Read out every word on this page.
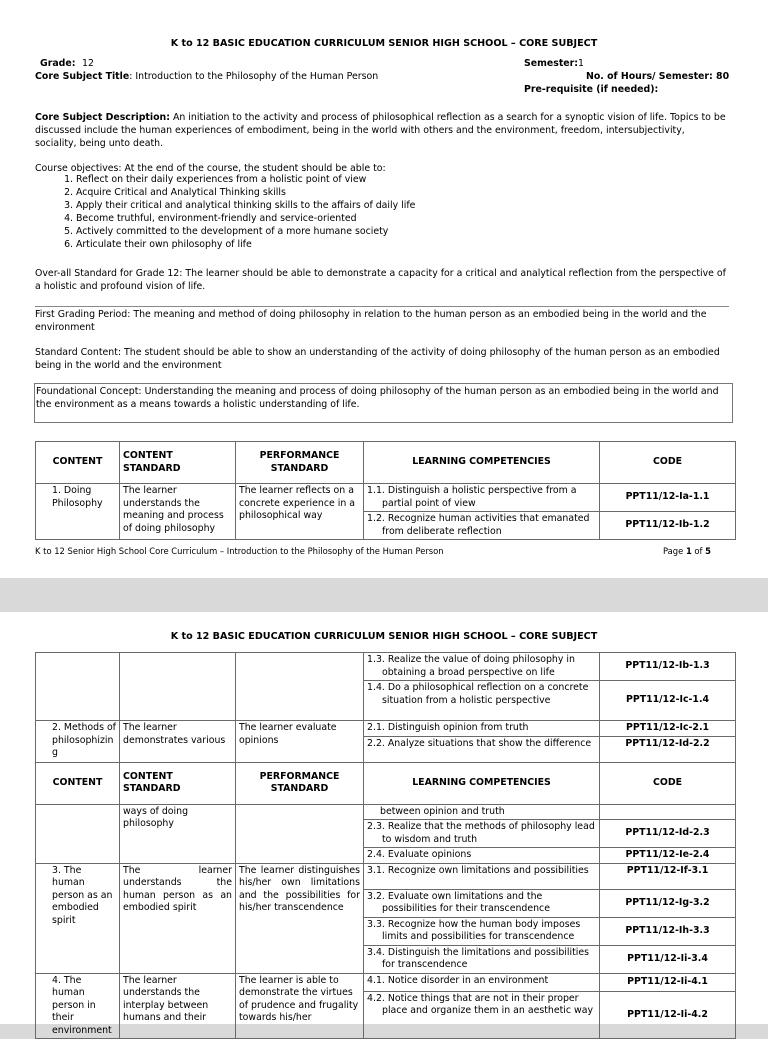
K to 12 BASIC EDUCATION CURRICULUM SENIOR HIGH SCHOOL – CORE SUBJECT
Grade: 12	Semester:1
Core Subject Title: Introduction to the Philosophy of the Human Person	No. of Hours/ Semester: 80
Pre-requisite (if needed):
Core Subject Description: An initiation to the activity and process of philosophical reflection as a search for a synoptic vision of life. Topics to be discussed include the human experiences of embodiment, being in the world with others and the environment, freedom, intersubjectivity, sociality, being unto death.
Course objectives: At the end of the course, the student should be able to:
1. Reflect on their daily experiences from a holistic point of view
2. Acquire Critical and Analytical Thinking skills
3. Apply their critical and analytical thinking skills to the affairs of daily life
4. Become truthful, environment-friendly and service-oriented
5. Actively committed to the development of a more humane society
6. Articulate their own philosophy of life
Over-all Standard for Grade 12: The learner should be able to demonstrate a capacity for a critical and analytical reflection from the perspective of a holistic and profound vision of life.
First Grading Period: The meaning and method of doing philosophy in relation to the human person as an embodied being in the world and the environment
Standard Content: The student should be able to show an understanding of the activity of doing philosophy of the human person as an embodied being in the world and the environment
Foundational Concept: Understanding the meaning and process of doing philosophy of the human person as an embodied being in the world and the environment as a means towards a holistic understanding of life.
CONTENT	CONTENT STANDARD	PERFORMANCE STANDARD	LEARNING COMPETENCIES	CODE
1. Doing Philosophy	The learner understands the meaning and process of doing philosophy	The learner reflects on a concrete experience in a philosophical way	1.1. Distinguish a holistic perspective from a partial point of view	PPT11/12-Ia-1.1
			1.2. Recognize human activities that emanated from deliberate reflection	PPT11/12-Ib-1.2
K to 12 Senior High School Core Curriculum – Introduction to the Philosophy of the Human Person	Page 1 of 5
K to 12 BASIC EDUCATION CURRICULUM SENIOR HIGH SCHOOL – CORE SUBJECT
			1.3. Realize the value of doing philosophy in obtaining a broad perspective on life	PPT11/12-Ib-1.3
			1.4. Do a philosophical reflection on a concrete situation from a holistic perspective	PPT11/12-Ic-1.4
2. Methods of philosophizin g	The learner demonstrates various	The learner evaluate opinions	2.1. Distinguish opinion from truth	PPT11/12-Ic-2.1
			2.2. Analyze situations that show the difference	PPT11/12-Id-2.2
CONTENT	CONTENT STANDARD	PERFORMANCE STANDARD	LEARNING COMPETENCIES	CODE
	ways of doing philosophy		between opinion and truth	
			2.3. Realize that the methods of philosophy lead to wisdom and truth	PPT11/12-Id-2.3
			2.4. Evaluate opinions	PPT11/12-Ie-2.4
3. The human person as an embodied spirit	The learner understands the human person as an embodied spirit	The learner distinguishes his/her own limitations and the possibilities for his/her transcendence	3.1. Recognize own limitations and possibilities	PPT11/12-If-3.1
			3.2. Evaluate own limitations and the possibilities for their transcendence	PPT11/12-Ig-3.2
			3.3. Recognize how the human body imposes limits and possibilities for transcendence	PPT11/12-Ih-3.3
			3.4. Distinguish the limitations and possibilities for transcendence	PPT11/12-Ii-3.4
4. The human person in their environment	The learner understands the interplay between humans and their	The learner is able to demonstrate the virtues of prudence and frugality towards his/her	4.1. Notice disorder in an environment	PPT11/12-Ii-4.1
			4.2. Notice things that are not in their proper place and organize them in an aesthetic way	PPT11/12-Ii-4.2
